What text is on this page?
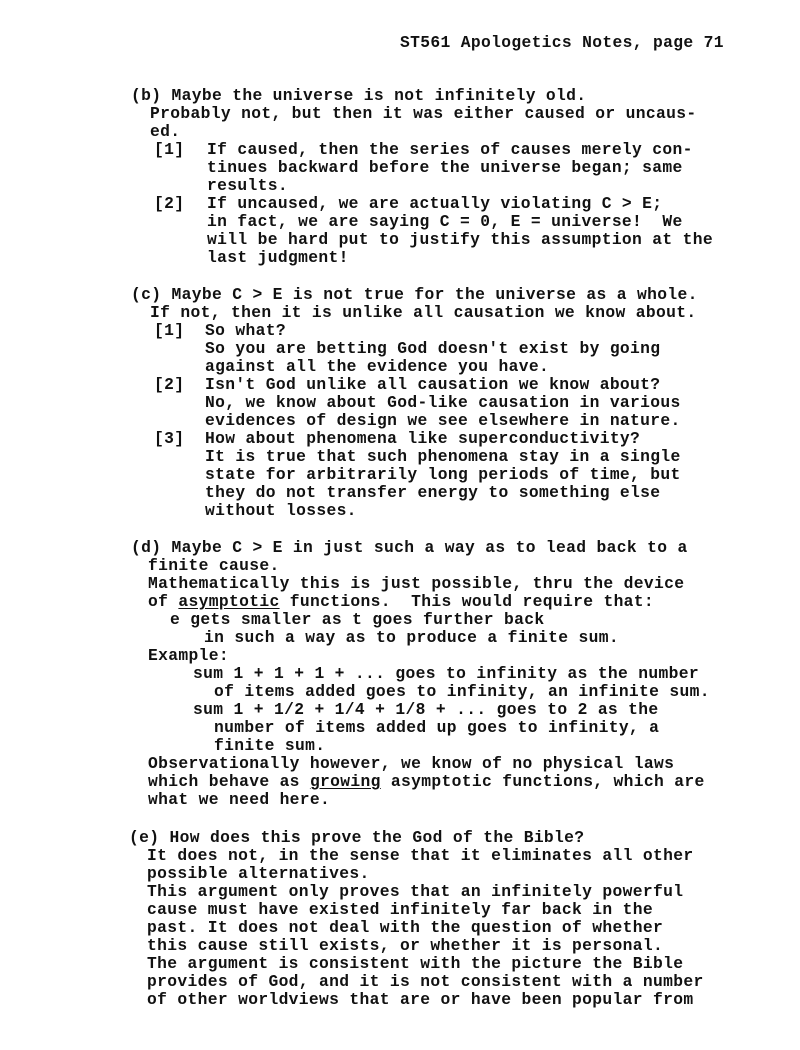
ST561 Apologetics Notes, page 71
(b) Maybe the universe is not infinitely old.
Probably not, but then it was either caused or uncaus-
ed.
[1] If caused, then the series of causes merely con-
tinues backward before the universe began; same
results.
[2] If uncaused, we are actually violating C > E;
in fact, we are saying C = 0, E = universe!  We
will be hard put to justify this assumption at the
last judgment!
(c) Maybe C > E is not true for the universe as a whole.
If not, then it is unlike all causation we know about.
[1] So what?
So you are betting God doesn't exist by going
against all the evidence you have.
[2] Isn't God unlike all causation we know about?
No, we know about God-like causation in various
evidences of design we see elsewhere in nature.
[3] How about phenomena like superconductivity?
It is true that such phenomena stay in a single
state for arbitrarily long periods of time, but
they do not transfer energy to something else
without losses.
(d) Maybe C > E in just such a way as to lead back to a
finite cause.
Mathematically this is just possible, thru the device
of asymptotic functions.  This would require that:
e gets smaller as t goes further back
in such a way as to produce a finite sum.
Example:
sum 1 + 1 + 1 + ... goes to infinity as the number
of items added goes to infinity, an infinite sum.
sum 1 + 1/2 + 1/4 + 1/8 + ... goes to 2 as the
number of items added up goes to infinity, a
finite sum.
Observationally however, we know of no physical laws
which behave as growing asymptotic functions, which are
what we need here.
(e) How does this prove the God of the Bible?
It does not, in the sense that it eliminates all other
possible alternatives.
This argument only proves that an infinitely powerful
cause must have existed infinitely far back in the
past. It does not deal with the question of whether
this cause still exists, or whether it is personal.
The argument is consistent with the picture the Bible
provides of God, and it is not consistent with a number
of other worldviews that are or have been popular from
